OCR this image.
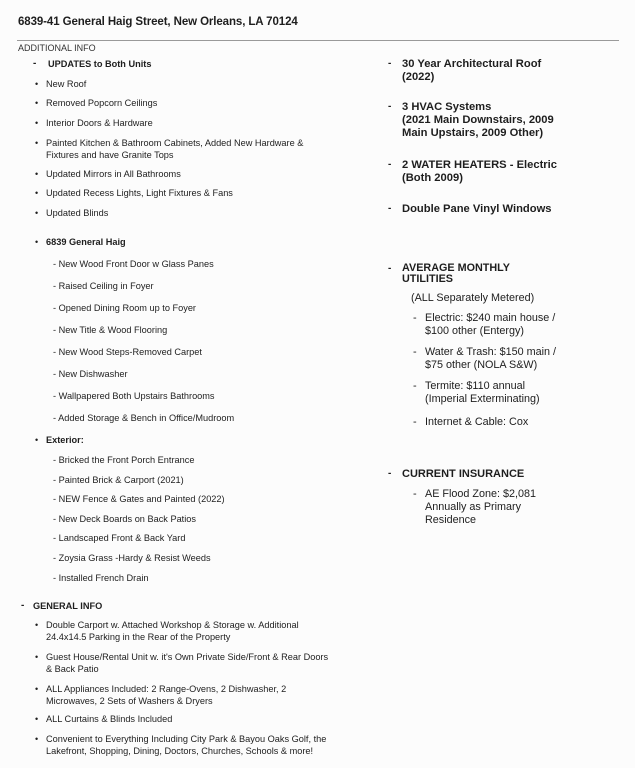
6839-41 General Haig Street, New Orleans, LA 70124
ADDITIONAL INFO
- UPDATES to Both Units
• New Roof
• Removed Popcorn Ceilings
• Interior Doors & Hardware
• Painted Kitchen & Bathroom Cabinets, Added New Hardware &
Fixtures and have Granite Tops
• Updated Mirrors in All Bathrooms
• Updated Recess Lights, Light Fixtures & Fans
• Updated Blinds
• 6839 General Haig
- New Wood Front Door w Glass Panes
- Raised Ceiling in Foyer
- Opened Dining Room up to Foyer
- New Title & Wood Flooring
- New Wood Steps-Removed Carpet
- New Dishwasher
- Wallpapered Both Upstairs Bathrooms
- Added Storage & Bench in Office/Mudroom
• Exterior:
- Bricked the Front Porch Entrance
- Painted Brick & Carport (2021)
- NEW Fence & Gates and Painted (2022)
- New Deck Boards on Back Patios
- Landscaped Front & Back Yard
- Zoysia Grass -Hardy & Resist Weeds
- Installed French Drain
- GENERAL INFO
• Double Carport w. Attached Workshop & Storage w. Additional
24.4x14.5 Parking in the Rear of the Property
• Guest House/Rental Unit w. it's Own Private Side/Front & Rear Doors
& Back Patio
• ALL Appliances Included: 2 Range-Ovens, 2 Dishwasher, 2
Microwaves, 2 Sets of Washers & Dryers
• ALL Curtains & Blinds Included
• Convenient to Everything Including City Park & Bayou Oaks Golf, the
Lakefront, Shopping, Dining, Doctors, Churches, Schools & more!
- 30 Year Architectural Roof
(2022)
- 3 HVAC Systems
(2021 Main Downstairs, 2009
Main Upstairs, 2009 Other)
- 2 WATER HEATERS - Electric
(Both 2009)
- Double Pane Vinyl Windows
- AVERAGE MONTHLY
UTILITIES
(ALL Separately Metered)
- Electric: $240 main house /
$100 other (Entergy)
- Water & Trash: $150 main /
$75 other (NOLA S&W)
- Termite: $110 annual
(Imperial Exterminating)
- Internet & Cable: Cox
- CURRENT INSURANCE
- AE Flood Zone: $2,081
Annually as Primary
Residence
